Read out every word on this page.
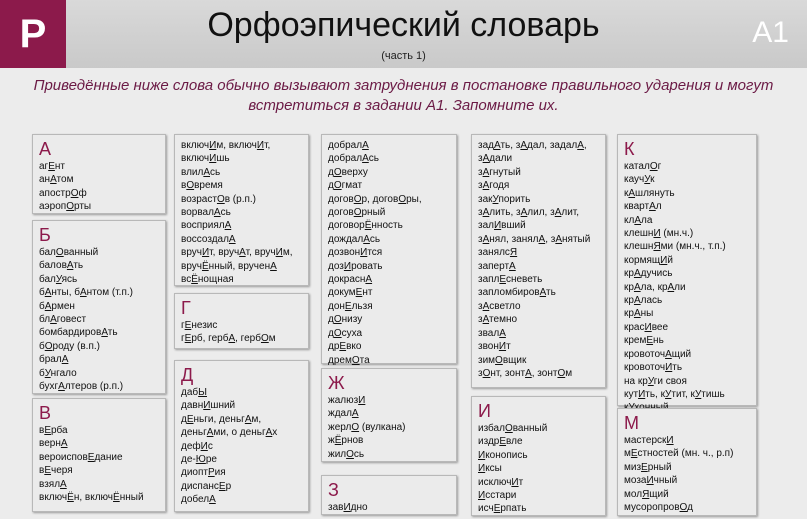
Р	Орфоэпический словарь
(часть 1)
А1
Приведённые ниже слова обычно вызывают затруднения в постановке правильного ударения и могут встретиться в задании А1. Запомните их.
А
агЕнт
анАтом
апострОф
аэропОрты
Б
балОванный
баловАть
балУясь
бАнты, бАнтом (т.п.)
бАрмен
блАговест
бомбардировАть
бОроду (в.п.)
бралА
бУнгало
бухгАлтеров (р.п.)
В
вЕрба
вернА
вероисповЕдание
вЕчеря
взялА
включЁн, включЁнный
включИм, включИт,
включИшь
влилАсь
вОвремя
возрастОв (р.п.)
ворвалАсь
восприялА
воссоздалА
вручИт, вручАт, вручИм,
вручЁнный, врученА
всЁнощная
Г
гЕнезис
гЕрб, гербА, гербОм
Д
дабЫ
давнИшний
дЕньги, деньгАм,
деньгАми, о деньгАх
дефИс
де-Юре
диоптРия
диспансЕр
добелА
добралА
добралАсь
дОверху
дОгмат
договОр, договОры,
договОрный
договорЁнность
дождалАсь
дозвонИтся
дозИровать
докраснА
докумЕнт
донЕльзя
дОнизу
дОсуха
дрЕвко
дремОта
Ж
жалюзИ
ждалА
жерлО (вулкана)
жЁрнов
жилОсь
З
завИдно
задАть, зАдал, задалА,
зАдали
зАгнутый
зАгодя
закУпорить
зАлить, зАлил, зАлит,
залИвший
зАнял, занялА, зАнятый
занялсЯ
запертА
заплЕсневеть
запломбировАть
зАсветло
зАтемно
звалА
звонИт
зимОвщик
зОнт, зонтА, зонтОм
И
избалОванный
издрЕвле
Иконопись
Иксы
исключИт
Исстари
исчЕрпать
К
каталОг
каучУк
кАшлянуть
квартАл
клАла
клешнИ (мн.ч.)
клешнЯми (мн.ч., т.п.)
кормящИй
крАдучись
крАла, крАли
крАлась
крАны
красИвее
кремЕнь
кровоточАщий
кровоточИть
на крУги своя
кутИть, кУтит, кУтишь
М
мастерскИ
мЕстностей (мн. ч., р.п)
мизЕрный
мозаИчный
молЯщий
мусоропровОд
